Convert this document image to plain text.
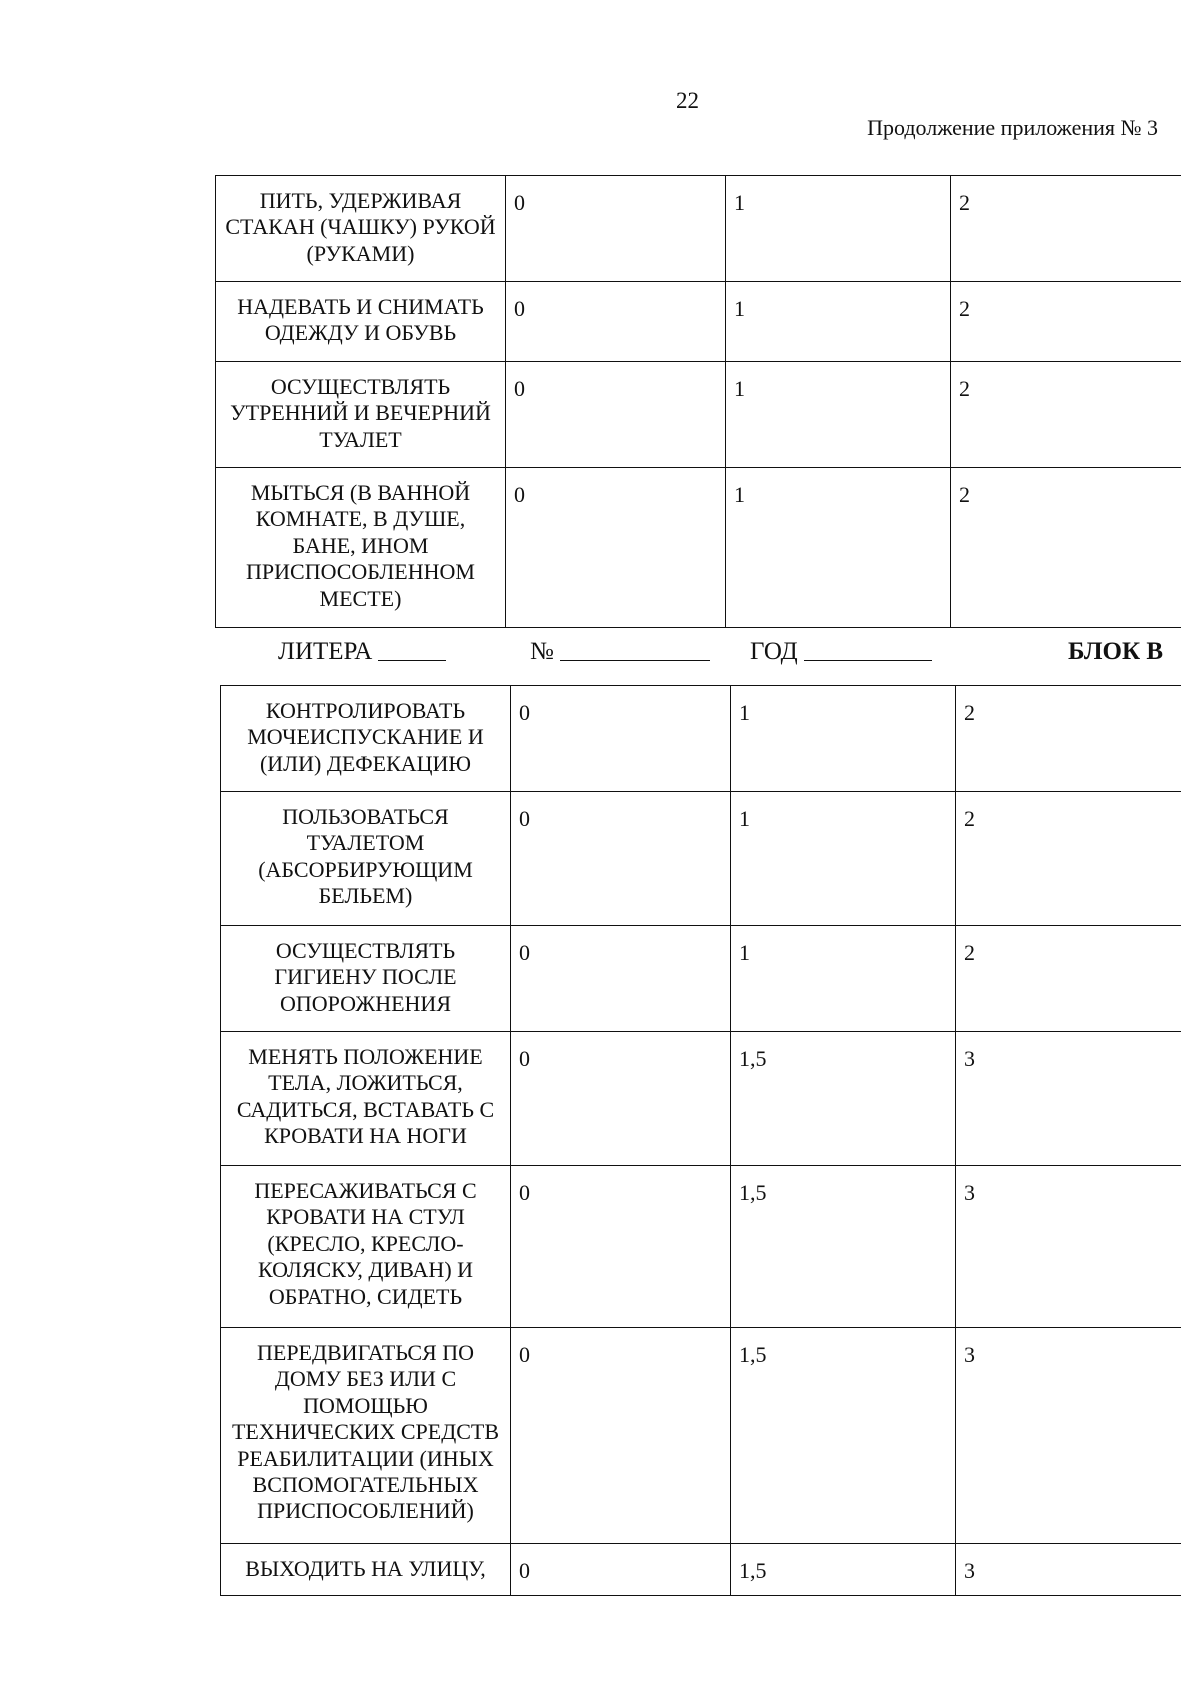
22
Продолжение приложения № 3
ПИТЬ, УДЕРЖИВАЯ СТАКАН (ЧАШКУ) РУКОЙ (РУКАМИ)	0	1	2
НАДЕВАТЬ И СНИМАТЬ ОДЕЖДУ И ОБУВЬ	0	1	2
ОСУЩЕСТВЛЯТЬ УТРЕННИЙ И ВЕЧЕРНИЙ ТУАЛЕТ	0	1	2
МЫТЬСЯ (В ВАННОЙ КОМНАТЕ, В ДУШЕ, БАНЕ, ИНОМ ПРИСПОСОБЛЕННОМ МЕСТЕ)	0	1	2
ЛИТЕРА	№	ГОД	БЛОК В
КОНТРОЛИРОВАТЬ МОЧЕИСПУСКАНИЕ И (ИЛИ) ДЕФЕКАЦИЮ	0	1	2
ПОЛЬЗОВАТЬСЯ ТУАЛЕТОМ (АБСОРБИРУЮЩИМ БЕЛЬЕМ)	0	1	2
ОСУЩЕСТВЛЯТЬ ГИГИЕНУ ПОСЛЕ ОПОРОЖНЕНИЯ	0	1	2
МЕНЯТЬ ПОЛОЖЕНИЕ ТЕЛА, ЛОЖИТЬСЯ, САДИТЬСЯ, ВСТАВАТЬ С КРОВАТИ НА НОГИ	0	1,5	3
ПЕРЕСАЖИВАТЬСЯ С КРОВАТИ НА СТУЛ (КРЕСЛО, КРЕСЛО-КОЛЯСКУ, ДИВАН) И ОБРАТНО, СИДЕТЬ	0	1,5	3
ПЕРЕДВИГАТЬСЯ ПО ДОМУ БЕЗ ИЛИ С ПОМОЩЬЮ ТЕХНИЧЕСКИХ СРЕДСТВ РЕАБИЛИТАЦИИ (ИНЫХ ВСПОМОГАТЕЛЬНЫХ ПРИСПОСОБЛЕНИЙ)	0	1,5	3
ВЫХОДИТЬ НА УЛИЦУ,	0	1,5	3
